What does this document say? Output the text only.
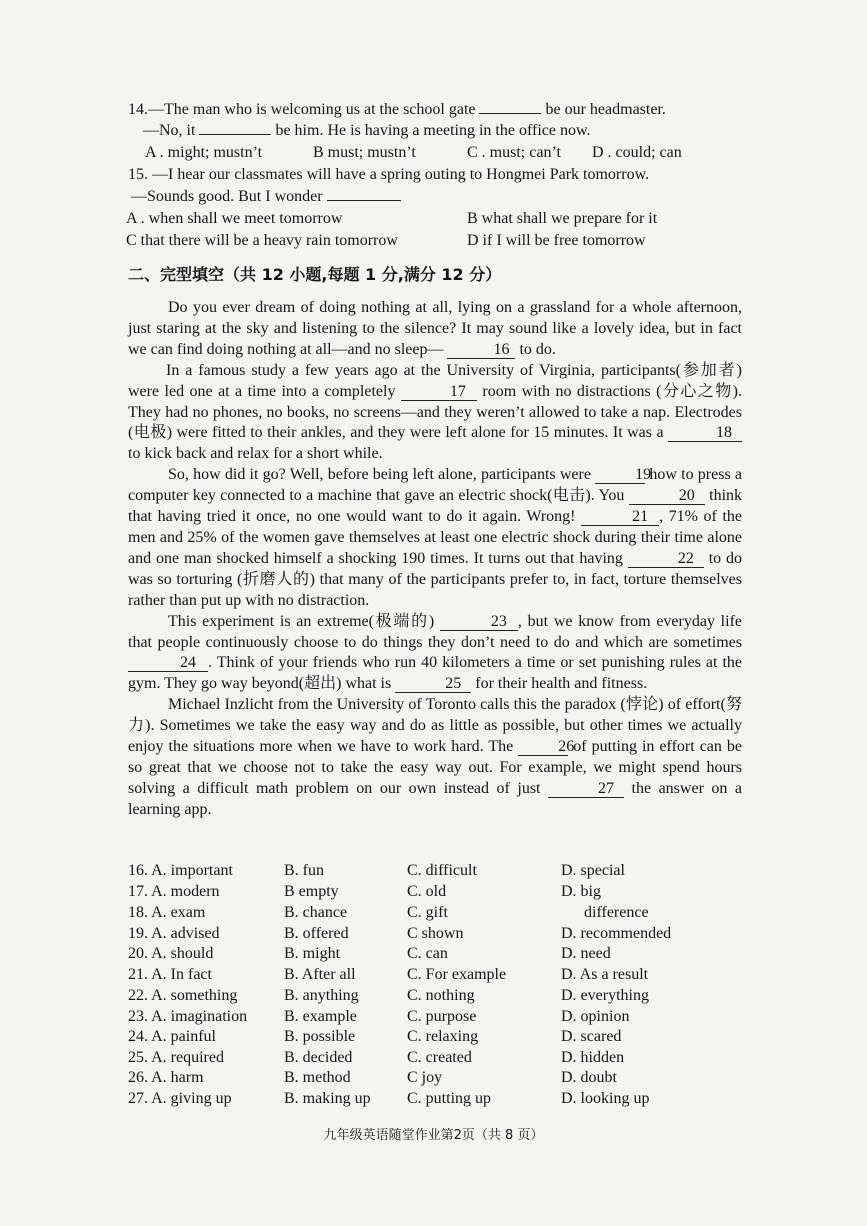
14.—The man who is welcoming us at the school gate	be our headmaster.
—No, it	be him. He is having a meeting in the office now.
A . might; mustn’t	B must; mustn’t	C . must; can’t D . could; can
15. —I hear our classmates will have a spring outing to Hongmei Park tomorrow.
—Sounds good. But I wonder
A . when shall we meet tomorrow	B what shall we prepare for it
C that there will be a heavy rain tomorrow	D if I will be free tomorrow
二、完型填空（共 12 小题,每题 1 分,满分 12 分）

Do you ever dream of doing nothing at all, lying on a grassland for a whole afternoon, just staring at the sky and listening to the silence? It may sound like a lovely idea, but in fact we can find doing nothing at all—and no sleep—	16 to do.

In a famous study a few years ago at the University of Virginia, participants(参加者) were led one at a time into a completely	17 room with no distractions (分心之物). They had no phones, no books, no screens—and they weren’t allowed to take a nap. Electrodes (电极) were fitted to their ankles, and they were left alone for 15 minutes. It was a	18 to kick back and relax for a short while.

So, how did it go? Well, before being left alone, participants were	19 how to press a computer key connected to a machine that gave an electric shock(电击). You	20 think that having tried it once, no one would want to do it again. Wrong!	21 , 71% of the men and 25% of the women gave themselves at least one electric shock during their time alone and one man shocked himself a shocking 190 times. It turns out that having	22 to do was so torturing (折磨人的) that many of the participants prefer to, in fact, torture themselves rather than put up with no distraction.

This experiment is an extreme(极端的)	23 , but we know from everyday life that people continuously choose to do things they don’t need to do and which are sometimes 24 . Think of your friends who run 40 kilometers a time or set punishing rules at the gym. They go way beyond(超出) what is	25 for their health and fitness.

Michael Inzlicht from the University of Toronto calls this the paradox (悖论) of effort(努力). Sometimes we take the easy way and do as little as possible, but other times we actually enjoy the situations more when we have to work hard. The	26 of putting in effort can be so great that we choose not to take the easy way out. For example, we might spend hours solving a difficult math problem on our own instead of just	27 the answer on a learning app.

16. A. important	B. fun	C. difficult	D. special
17. A. modern	B empty	C. old	D. big
18. A. exam	B. chance	C. gift	difference
19. A. advised	B. offered	C shown	D. recommended
20. A. should	B. might	C. can	D. need
21. A. In fact	B. After all	C. For example	D. As a result
22. A. something	B. anything	C. nothing	D. everything
23. A. imagination B. example	C. purpose	D. opinion
24. A. painful	B. possible	C. relaxing	D. scared
25. A. required	B. decided	C. created	D. hidden
26. A. harm	B. method	C joy	D. doubt
27. A. giving up	B. making up C. putting up	D. looking up
九年级英语随堂作业第2页（共 8 页）
